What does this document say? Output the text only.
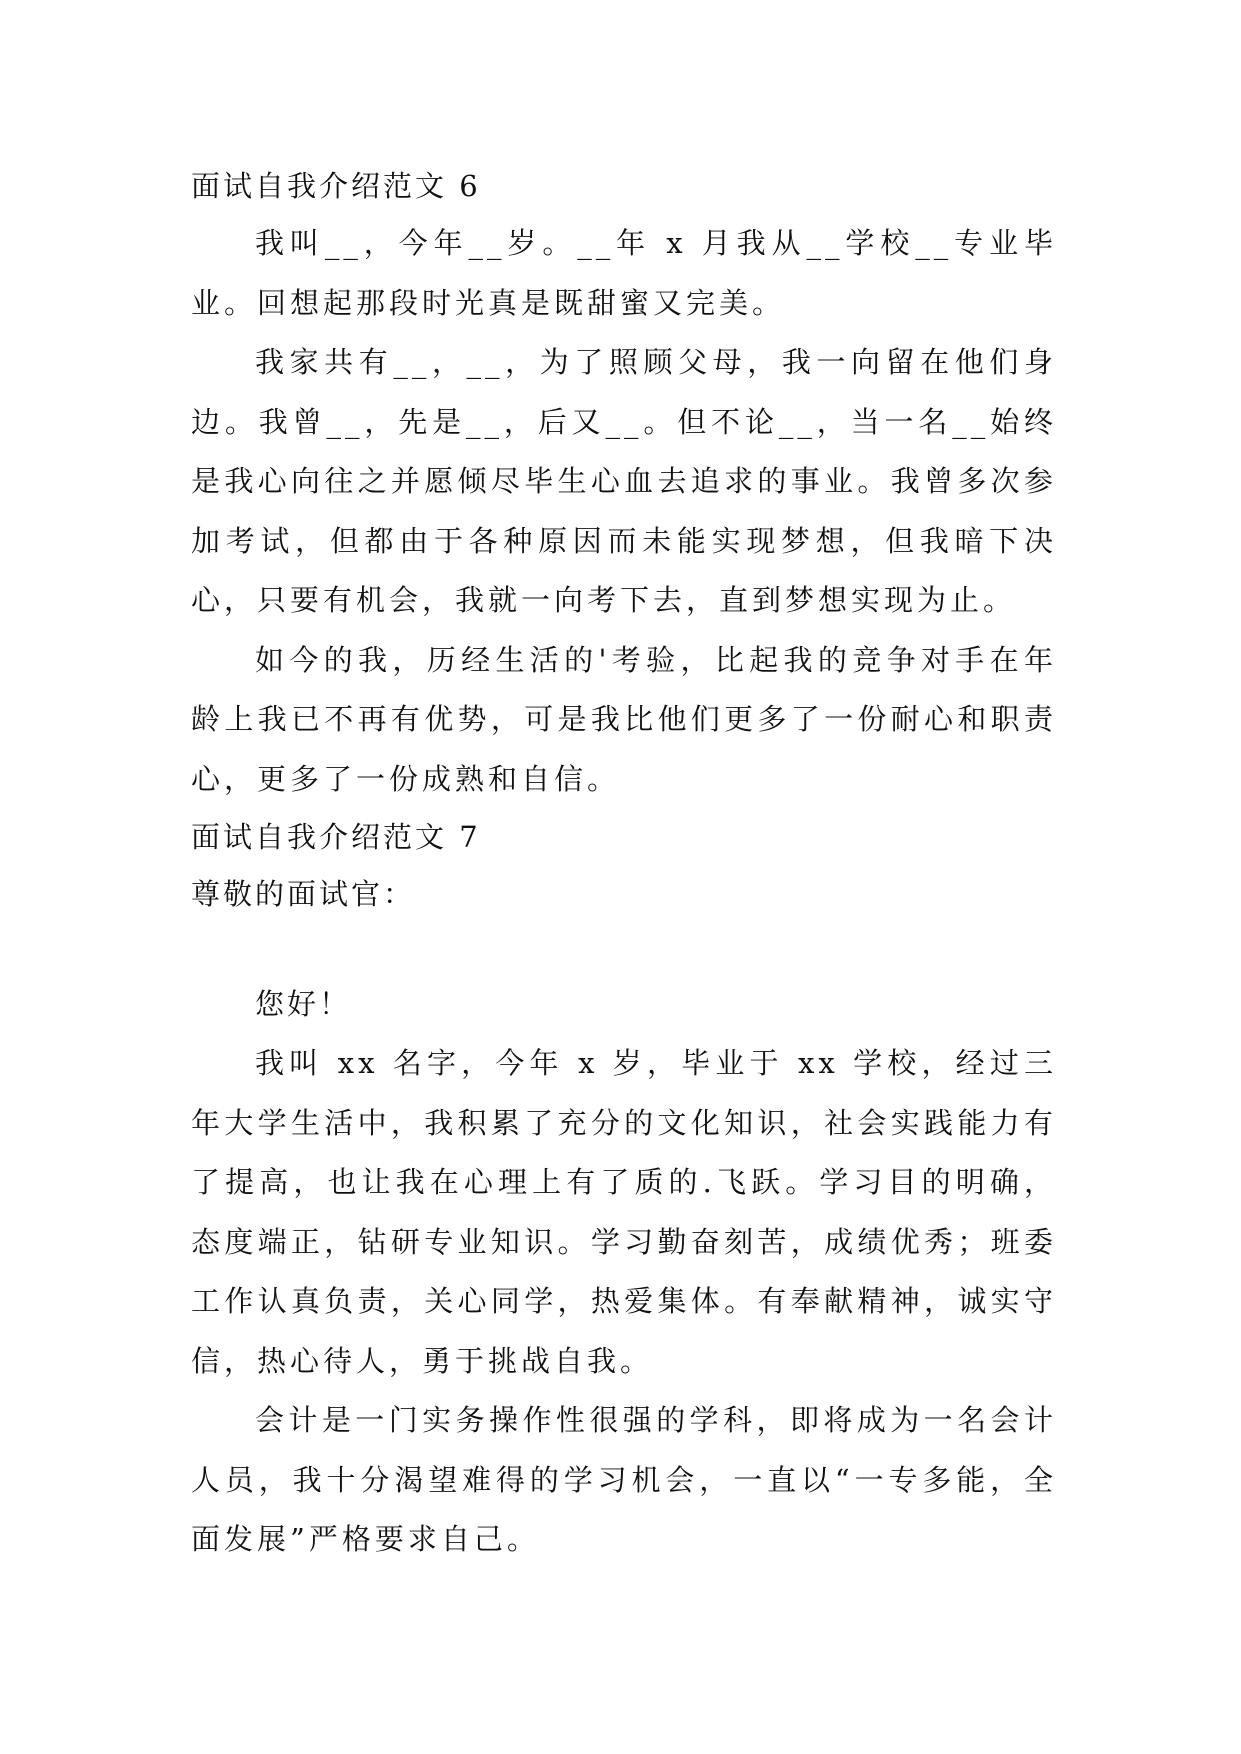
面试自我介绍范文 6

我叫__，今年__岁。__年 x 月我从__学校__专业毕业。回想起那段时光真是既甜蜜又完美。

我家共有__，__，为了照顾父母，我一向留在他们身边。我曾__，先是__，后又__。但不论__，当一名__始终是我心向往之并愿倾尽毕生心血去追求的事业。我曾多次参加考试，但都由于各种原因而未能实现梦想，但我暗下决心，只要有机会，我就一向考下去，直到梦想实现为止。

如今的我，历经生活的'考验，比起我的竞争对手在年龄上我已不再有优势，可是我比他们更多了一份耐心和职责心，更多了一份成熟和自信。

面试自我介绍范文 7

尊敬的面试官：

您好！

我叫 xx 名字，今年 x 岁，毕业于 xx 学校，经过三年大学生活中，我积累了充分的文化知识，社会实践能力有了提高，也让我在心理上有了质的.飞跃。学习目的明确，态度端正，钻研专业知识。学习勤奋刻苦，成绩优秀；班委工作认真负责，关心同学，热爱集体。有奉献精神，诚实守信，热心待人，勇于挑战自我。

会计是一门实务操作性很强的学科，即将成为一名会计人员，我十分渴望难得的学习机会，一直以“一专多能，全面发展”严格要求自己。
